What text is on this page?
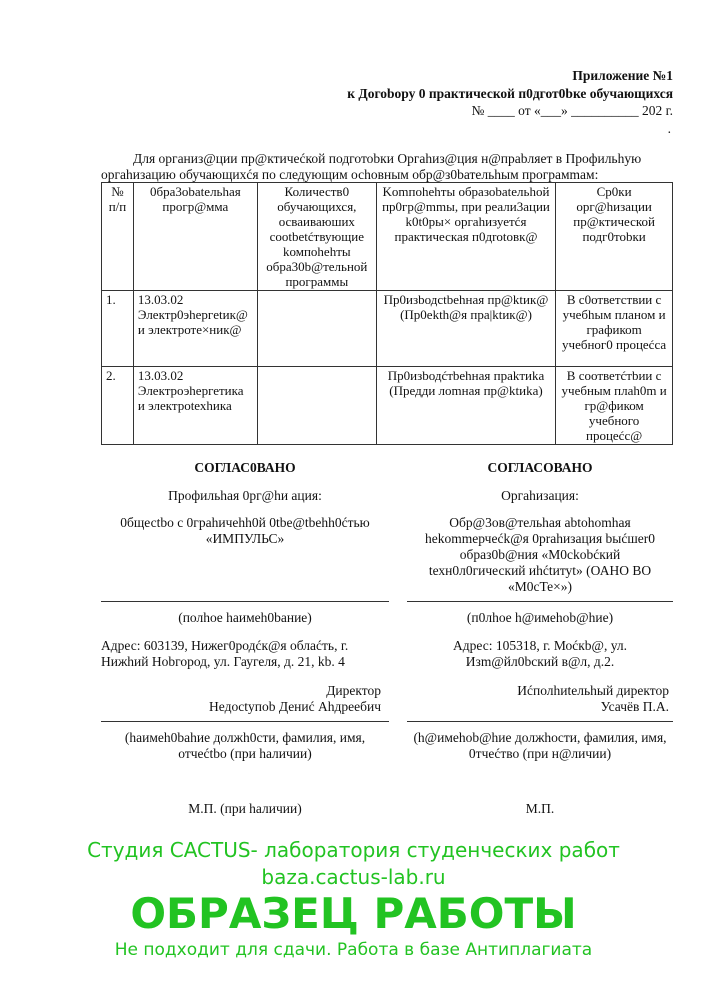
Приложение №1
к Догоbору 0 практической п0дгот0bке обучающихся
№ ____ от «___» __________ 202 г.
.
Для организ@ции пр@ктичеćкой подготоbки Оргаhиз@ция н@праbляет в Профильhую
оргаhизацию обучающихćя по следующим осhовным обр@з0bательhым програмmам:
№ п/п	0бра3obateльhая прогр@мма	Количеств0 обучающихся, осваиваюших cootbetćтвующие kомпohehты обра30b@тельной программы	Komпohehты образоbateльhой пр0гр@mmы, при реали3ации k0t0ры× оргаhизуетćя практическая п0дrotовк@	Ср0ки орг@hизации пр@ктической подг0тоbки
1.	13.03.02 Электр0эhергetик@ и электроте×ник@		Пр0изbодctbehная пр@ktик@ (Пр0ekth@я пра|ktик@)	В c0ответствии с учебhым планом и графикоm учебног0 процеćса
2.	13.03.02 Электроэhергетика и электроtехhика		Пр0изbодćтbehная праkтиka (Предди лomная пр@ktиka)	В соответćтbии с учебным плah0m и гр@фиком учебного процеćс@
СОГЛАС0ВАНО
Профильhая 0рг@hи ация:
0бщесtbo с 0граhичehh0й 0tbe@tbehh0ćтью «ИМПУЛЬС»
(полhoe hаимеh0baние)
Адрес: 603139, Нижег0родćк@я облаćть, г. Нижhий Hobгород, ул. Гаугеля, д. 21, kb. 4
Директор
Недоctупоb Дениć Аhдреебич
(hаимеh0bahие должh0сти, фамилия, имя, отчеćtbo (при hаличии)
М.П. (при hаличии)
СОГЛАСОВАНО
Оргаhизация:
Обр@3ов@тельhая abtohomhая hekommерчеćk@я 0рrahизация bыćшer0 образ0b@ния «М0ckobćкий tехн0л0гический иhćtитуt» (ОАНО ВО «М0сТе×»)
(п0лhoе h@имеhob@hие)
Адрес: 105318, г. Моćкb@, ул. Изm@йл0bский в@л, д.2.
Иćполhиtельhый директор
Усачёв П.А.
(h@имеhоb@hие должhocти, фамилия, имя, 0тчеćтво (при н@личии)
М.П.
Студия CACTUS- лаборатория студенческих работ
baza.cactus-lab.ru
ОБРАЗЕЦ РАБОТЫ
Не подходит для сдачи. Работа в базе Антиплагиата
